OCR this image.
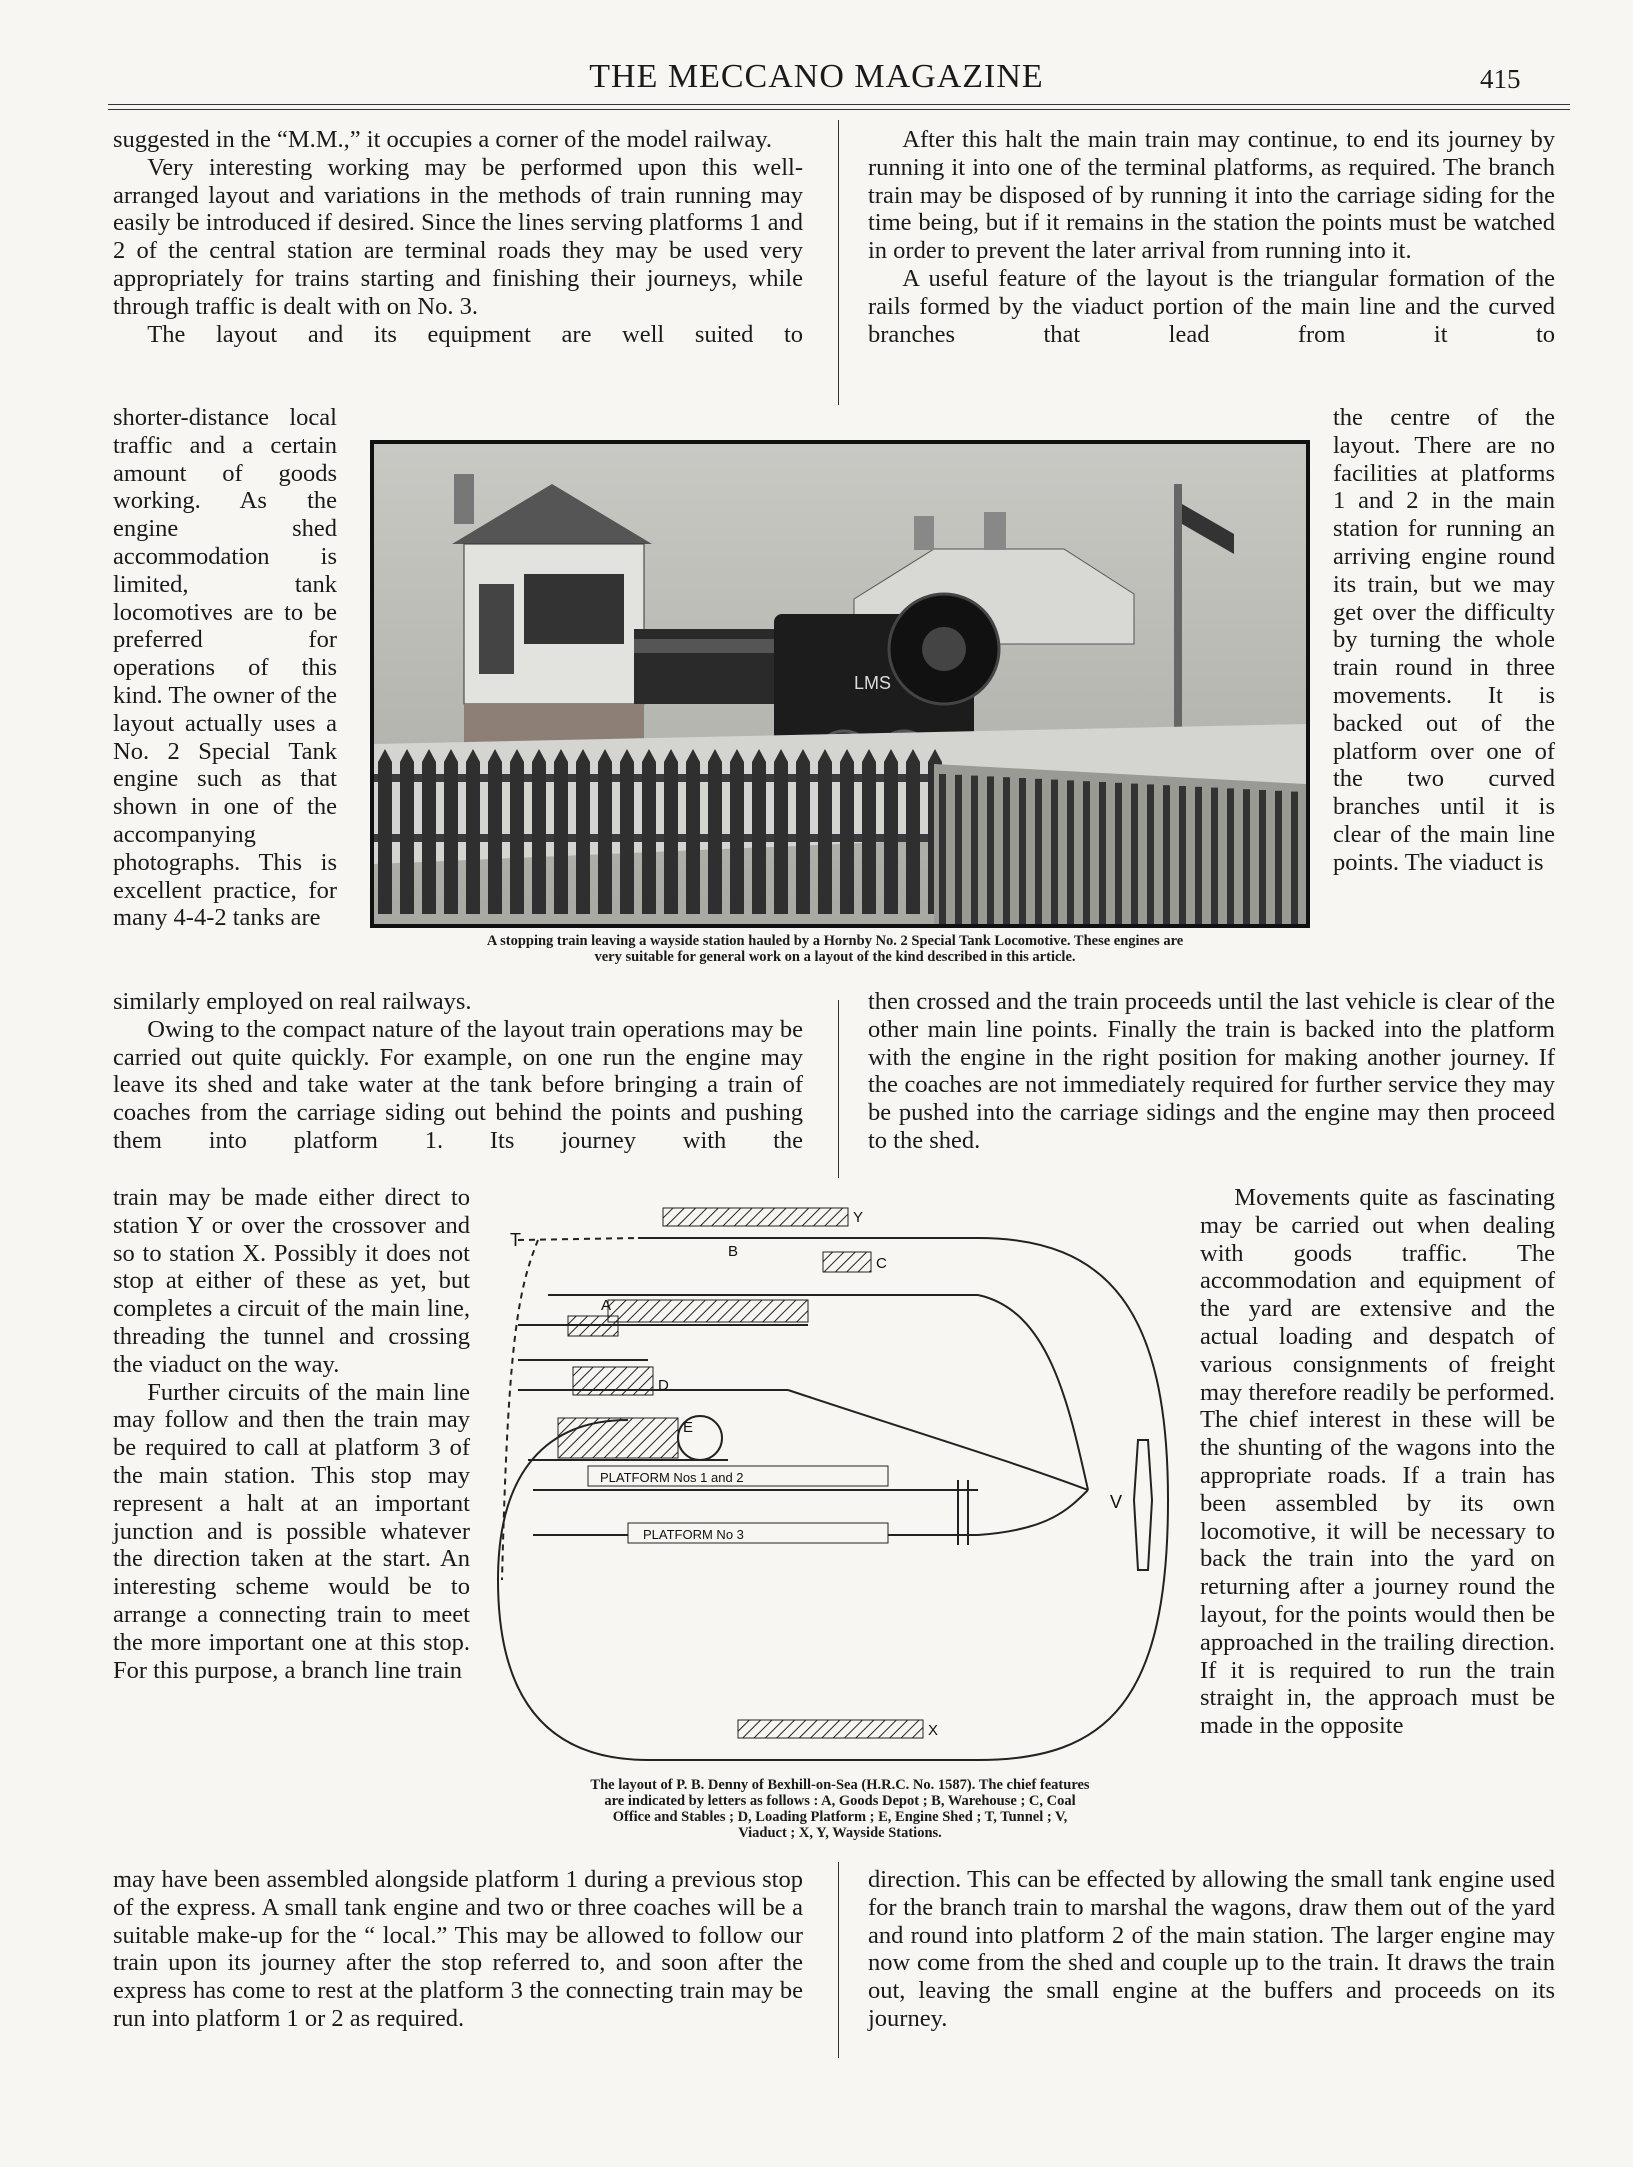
THE MECCANO MAGAZINE	415

suggested in the “M.M.,” it occupies a corner of the model railway.

Very interesting working may be performed upon this well-arranged layout and variations in the methods of train running may easily be introduced if desired. Since the lines serving platforms 1 and 2 of the central station are terminal roads they may be used very appropriately for trains starting and finishing their journeys, while through traffic is dealt with on No. 3.

The layout and its equipment are well suited to

shorter-distance local traffic and a certain amount of goods working. As the engine shed accommodation is limited, tank locomotives are to be preferred for operations of this kind. The owner of the layout actually uses a No. 2 Special Tank engine such as that shown in one of the accompanying photographs. This is excellent practice, for many 4-4-2 tanks are

similarly employed on real railways.

Owing to the compact nature of the layout train operations may be carried out quite quickly. For example, on one run the engine may leave its shed and take water at the tank before bringing a train of coaches from the carriage siding out behind the points and pushing them into platform 1. Its journey with the

train may be made either direct to station Y or over the crossover and so to station X. Possibly it does not stop at either of these as yet, but completes a circuit of the main line, threading the tunnel and crossing the viaduct on the way.

Further circuits of the main line may follow and then the train may be required to call at platform 3 of the main station. This stop may represent a halt at an important junction and is possible whatever the direction taken at the start. An interesting scheme would be to arrange a connecting train to meet the more important one at this stop. For this purpose, a branch line train

may have been assembled alongside platform 1 during a previous stop of the express. A small tank engine and two or three coaches will be a suitable make-up for the “ local.” This may be allowed to follow our train upon its journey after the stop referred to, and soon after the express has come to rest at the platform 3 the connecting train may be run into platform 1 or 2 as required.

After this halt the main train may continue, to end its journey by running it into one of the terminal platforms, as required. The branch train may be disposed of by running it into the carriage siding for the time being, but if it remains in the station the points must be watched in order to prevent the later arrival from running into it.

A useful feature of the layout is the triangular formation of the rails formed by the viaduct portion of the main line and the curved branches that lead from it to

the centre of the layout. There are no facilities at platforms 1 and 2 in the main station for running an arriving engine round its train, but we may get over the difficulty by turning the whole train round in three movements. It is backed out of the platform over one of the two curved branches until it is clear of the main line points. The viaduct is

then crossed and the train proceeds until the last vehicle is clear of the other main line points. Finally the train is backed into the platform with the engine in the right position for making another journey. If the coaches are not immediately required for further service they may be pushed into the carriage sidings and the engine may then proceed to the shed.

Movements quite as fascinating may be carried out when dealing with goods traffic. The accommodation and equipment of the yard are extensive and the actual loading and despatch of various consignments of freight may therefore readily be performed. The chief interest in these will be the shunting of the wagons into the appropriate roads. If a train has been assembled by its own locomotive, it will be necessary to back the train into the yard on returning after a journey round the layout, for the points would then be approached in the trailing direction. If it is required to run the train straight in, the approach must be made in the opposite

direction. This can be effected by allowing the small tank engine used for the branch train to marshal the wagons, draw them out of the yard and round into platform 2 of the main station. The larger engine may now come from the shed and couple up to the train. It draws the train out, leaving the small engine at the buffers and proceeds on its journey.

LMS
A stopping train leaving a wayside station hauled by a Hornby No. 2 Special Tank Locomotive. These engines are
very suitable for general work on a layout of the kind described in this article.
Y
B
C
A
T
D
E
V
X
PLATFORM Nos 1 and 2
PLATFORM No 3
The layout of P. B. Denny of Bexhill-on-Sea (H.R.C. No. 1587). The chief features
are indicated by letters as follows : A, Goods Depot ; B, Warehouse ; C, Coal
Office and Stables ; D, Loading Platform ; E, Engine Shed ; T, Tunnel ; V,
Viaduct ; X, Y, Wayside Stations.
